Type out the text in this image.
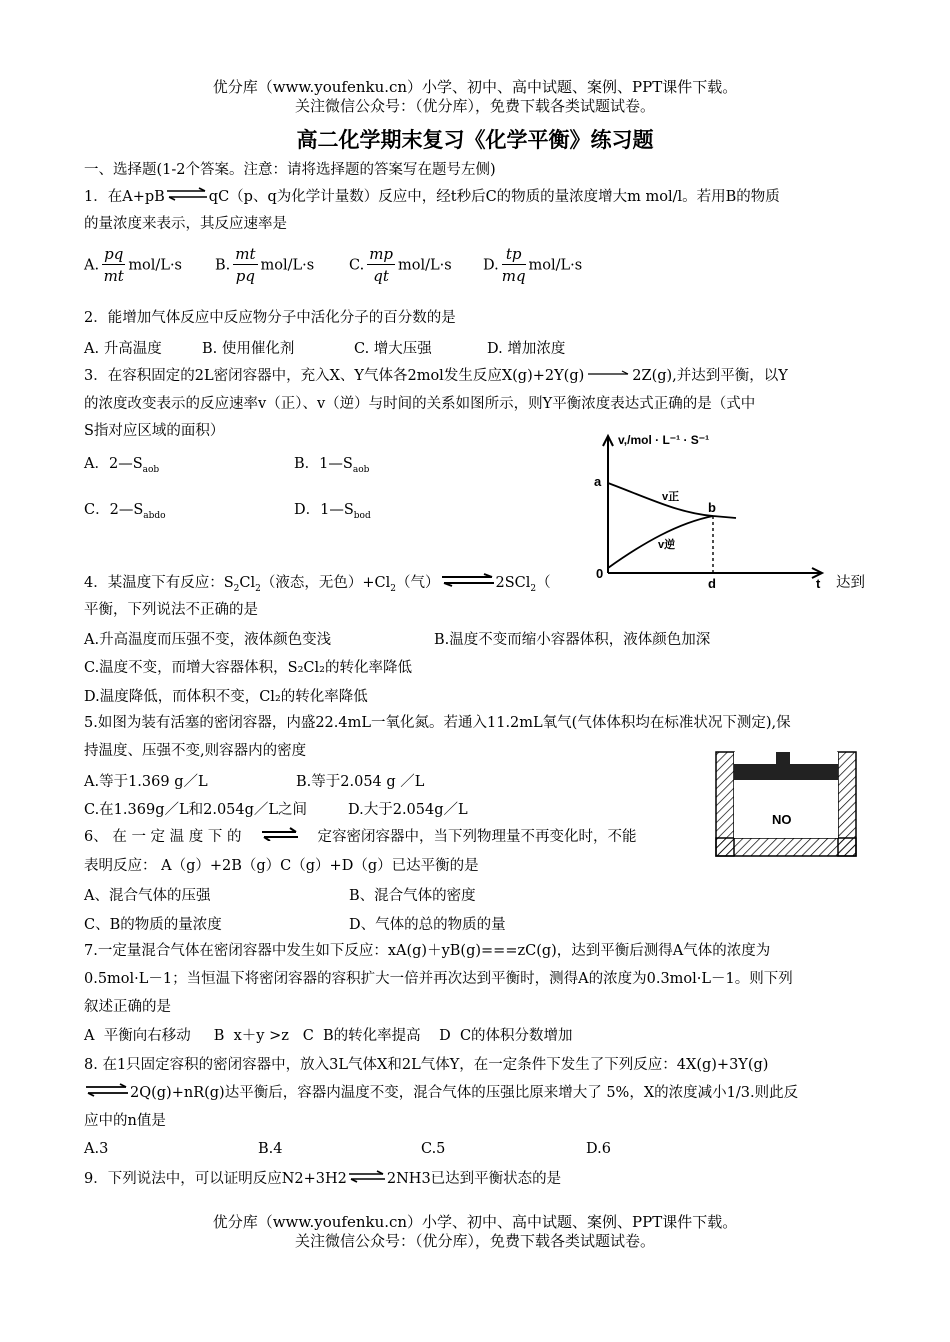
优分库（www.youfenku.cn）小学、初中、高中试题、案例、PPT课件下载。
关注微信公众号：（优分库），免费下载各类试题试卷。
高二化学期末复习《化学平衡》练习题
一、选择题(1-2个答案。注意：请将选择题的答案写在题号左侧)
1．在A+pB⇌qC（p、q为化学计量数）反应中，经t秒后C的物质的量浓度增大m mol/l。若用B的物质
的量浓度来表示，其反应速率是
A. $\frac{pq}{mt} mol/L\cdot s$ B. $\frac{mt}{pq} mol/L\cdot s$ C. $\frac{mp}{qt} mol/L\cdot s$ D. $\frac{tp}{mq} mol/L\cdot s$
2．能增加气体反应中反应物分子中活化分子的百分数的是
A. 升高温度	B. 使用催化剂	C. 增大压强	D. 增加浓度
3．在容积固定的2L密闭容器中，充入X、Y气体各2mol发生反应X(g)+2Y(g)→2Z(g),并达到平衡，以Y
的浓度改变表示的反应速率v（正）、v（逆）与时间的关系如图所示，则Y平衡浓度表达式正确的是（式中
S指对应区域的面积）
A．$2—S_{aob}$	B．$1—S_{aob}$
C．$2—S_{abdo}$	D．$1—S_{bod}$
v,/mol · L⁻¹ · S⁻¹
a
b
0
d	t
v正
v逆
4．某温度下有反应：$S_2Cl_2$（液态，无色）$+Cl_2$（气）⇌2SCl$_2$（	达到
平衡，下列说法不正确的是
A.升高温度而压强不变，液体颜色变浅	B.温度不变而缩小容器体积，液体颜色加深
C.温度不变，而增大容器体积，S₂Cl₂的转化率降低
D.温度降低，而体积不变，Cl₂的转化率降低
5.如图为装有活塞的密闭容器，内盛22.4mL一氧化氮。若通入11.2mL氧气(气体体积均在标准状况下测定),保
持温度、压强不变,则容器内的密度
A.等于1.369 g／L	B.等于2.054 g ／L
C.在1.369g／L和2.054g／L之间	D.大于2.054g／L
NO
6、 在 一 定 温 度 下 的 ⇌ 定容密闭容器中，当下列物理量不再变化时，不能
表明反应： A（g）+2B（g）C（g）+D（g）已达平衡的是
A、混合气体的压强	B、混合气体的密度
C、B的物质的量浓度	D、气体的总的物质的量
7.一定量混合气体在密闭容器中发生如下反应：xA(g)＋yB(g)===zC(g)，达到平衡后测得A气体的浓度为
0.5mol·L－1；当恒温下将密闭容器的容积扩大一倍并再次达到平衡时，测得A的浓度为0.3mol·L－1。则下列
叙述正确的是
A  平衡向右移动     B  x＋y >z   C  B的转化率提高    D  C的体积分数增加
8. 在1只固定容积的密闭容器中，放入3L气体X和2L气体Y，在一定条件下发生了下列反应：4X(g)+3Y(g)
⇌2Q(g)+nR(g)达平衡后，容器内温度不变，混合气体的压强比原来增大了 5%，X的浓度减小1/3.则此反
应中的n值是
A.3	B.4	C.5	D.6
9．下列说法中，可以证明反应N2+3H2⇌2NH3已达到平衡状态的是
优分库（www.youfenku.cn）小学、初中、高中试题、案例、PPT课件下载。
关注微信公众号：（优分库），免费下载各类试题试卷。
